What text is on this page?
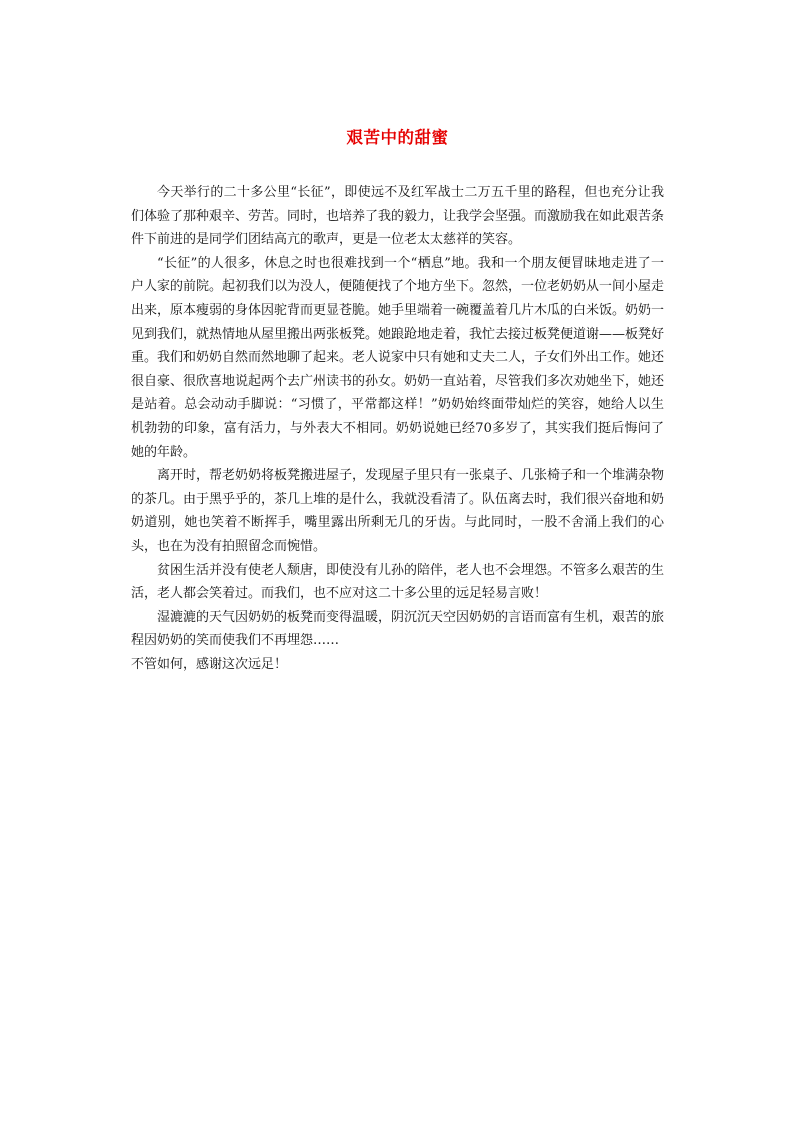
艰苦中的甜蜜

今天举行的二十多公里“长征”，即使远不及红军战士二万五千里的路程，但也充分让我们体验了那种艰辛、劳苦。同时，也培养了我的毅力，让我学会坚强。而激励我在如此艰苦条件下前进的是同学们团结高亢的歌声，更是一位老太太慈祥的笑容。

“长征”的人很多，休息之时也很难找到一个“栖息”地。我和一个朋友便冒昧地走进了一户人家的前院。起初我们以为没人，便随便找了个地方坐下。忽然，一位老奶奶从一间小屋走出来，原本瘦弱的身体因驼背而更显苍脆。她手里端着一碗覆盖着几片木瓜的白米饭。奶奶一见到我们，就热情地从屋里搬出两张板凳。她踉跄地走着，我忙去接过板凳便道谢——板凳好重。我们和奶奶自然而然地聊了起来。老人说家中只有她和丈夫二人，子女们外出工作。她还很自豪、很欣喜地说起两个去广州读书的孙女。奶奶一直站着，尽管我们多次劝她坐下，她还是站着。总会动动手脚说：“习惯了，平常都这样！”奶奶始终面带灿烂的笑容，她给人以生机勃勃的印象，富有活力，与外表大不相同。奶奶说她已经70多岁了，其实我们挺后悔问了她的年龄。

离开时，帮老奶奶将板凳搬进屋子，发现屋子里只有一张桌子、几张椅子和一个堆满杂物的茶几。由于黑乎乎的，茶几上堆的是什么，我就没看清了。队伍离去时，我们很兴奋地和奶奶道别，她也笑着不断挥手，嘴里露出所剩无几的牙齿。与此同时，一股不舍涌上我们的心头，也在为没有拍照留念而惋惜。

贫困生活并没有使老人颓唐，即使没有儿孙的陪伴，老人也不会埋怨。不管多么艰苦的生活，老人都会笑着过。而我们，也不应对这二十多公里的远足轻易言败！

湿漉漉的天气因奶奶的板凳而变得温暖，阴沉沉天空因奶奶的言语而富有生机，艰苦的旅程因奶奶的笑而使我们不再埋怨……

不管如何，感谢这次远足！
